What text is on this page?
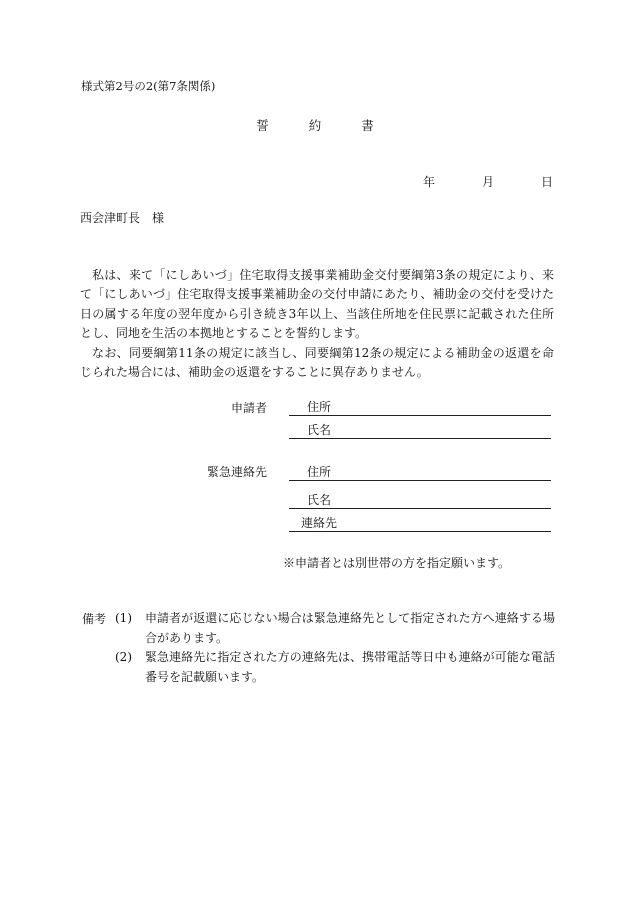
様式第2号の2(第7条関係)
誓	約	書
年	月	日
西会津町長　様

私は、来て「にしあいづ」住宅取得支援事業補助金交付要綱第3条の規定により、来て「にしあいづ」住宅取得支援事業補助金の交付申請にあたり、補助金の交付を受けた日の属する年度の翌年度から引き続き3年以上、当該住所地を住民票に記載された住所とし、同地を生活の本拠地とすることを誓約します。

なお、同要綱第11条の規定に該当し、同要綱第12条の規定による補助金の返還を命じられた場合には、補助金の返還をすることに異存ありません。

申請者	住所
氏名
緊急連絡先	住所
氏名
連絡先
※申請者とは別世帯の方を指定願います。
備考 (1) 申請者が返還に応じない場合は緊急連絡先として指定された方へ連絡する場合があります。
(2) 緊急連絡先に指定された方の連絡先は、携帯電話等日中も連絡が可能な電話番号を記載願います。
